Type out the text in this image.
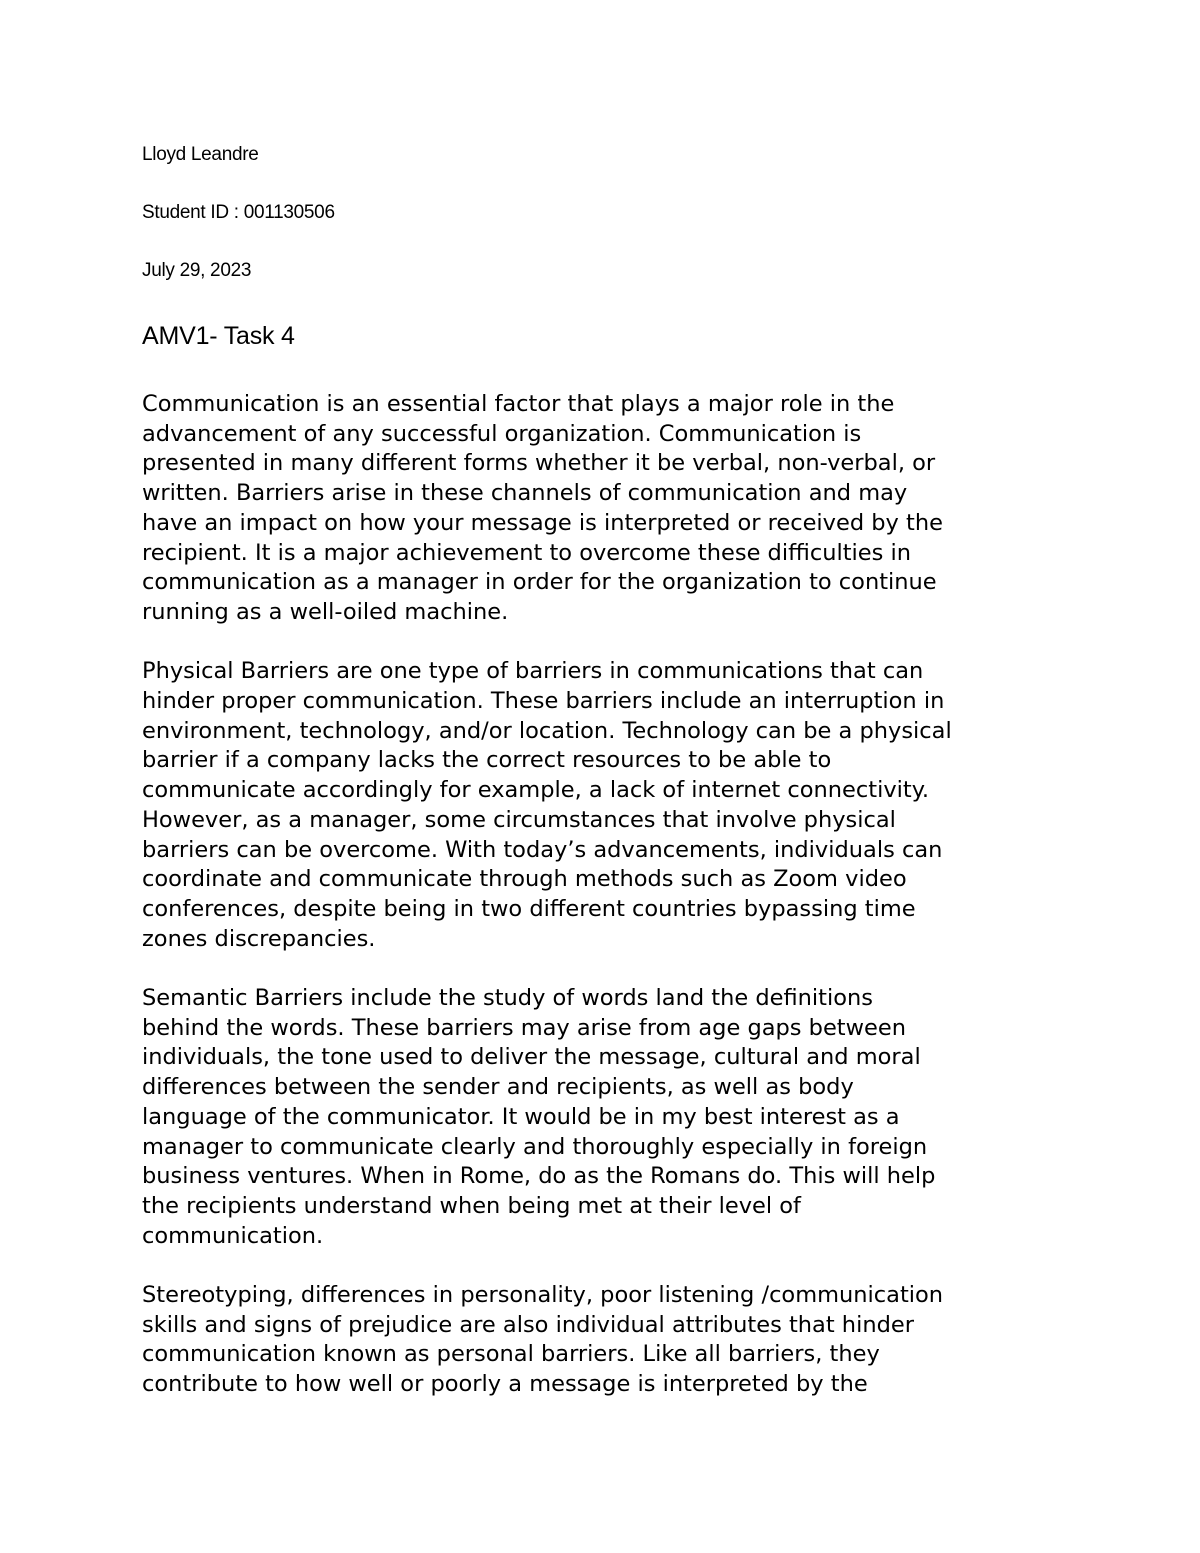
Lloyd Leandre
Student ID : 001130506
July 29, 2023
AMV1- Task 4
Communication is an essential factor that plays a major role in the
advancement of any successful organization. Communication is
presented in many different forms whether it be verbal, non-verbal, or
written. Barriers arise in these channels of communication and may
have an impact on how your message is interpreted or received by the
recipient. It is a major achievement to overcome these difficulties in
communication as a manager in order for the organization to continue
running as a well-oiled machine.
Physical Barriers are one type of barriers in communications that can
hinder proper communication. These barriers include an interruption in
environment, technology, and/or location. Technology can be a physical
barrier if a company lacks the correct resources to be able to
communicate accordingly for example, a lack of internet connectivity.
However, as a manager, some circumstances that involve physical
barriers can be overcome. With today’s advancements, individuals can
coordinate and communicate through methods such as Zoom video
conferences, despite being in two different countries bypassing time
zones discrepancies.
Semantic Barriers include the study of words land the definitions
behind the words. These barriers may arise from age gaps between
individuals, the tone used to deliver the message, cultural and moral
differences between the sender and recipients, as well as body
language of the communicator. It would be in my best interest as a
manager to communicate clearly and thoroughly especially in foreign
business ventures. When in Rome, do as the Romans do. This will help
the recipients understand when being met at their level of
communication.
Stereotyping, differences in personality, poor listening /communication
skills and signs of prejudice are also individual attributes that hinder
communication known as personal barriers. Like all barriers, they
contribute to how well or poorly a message is interpreted by the
